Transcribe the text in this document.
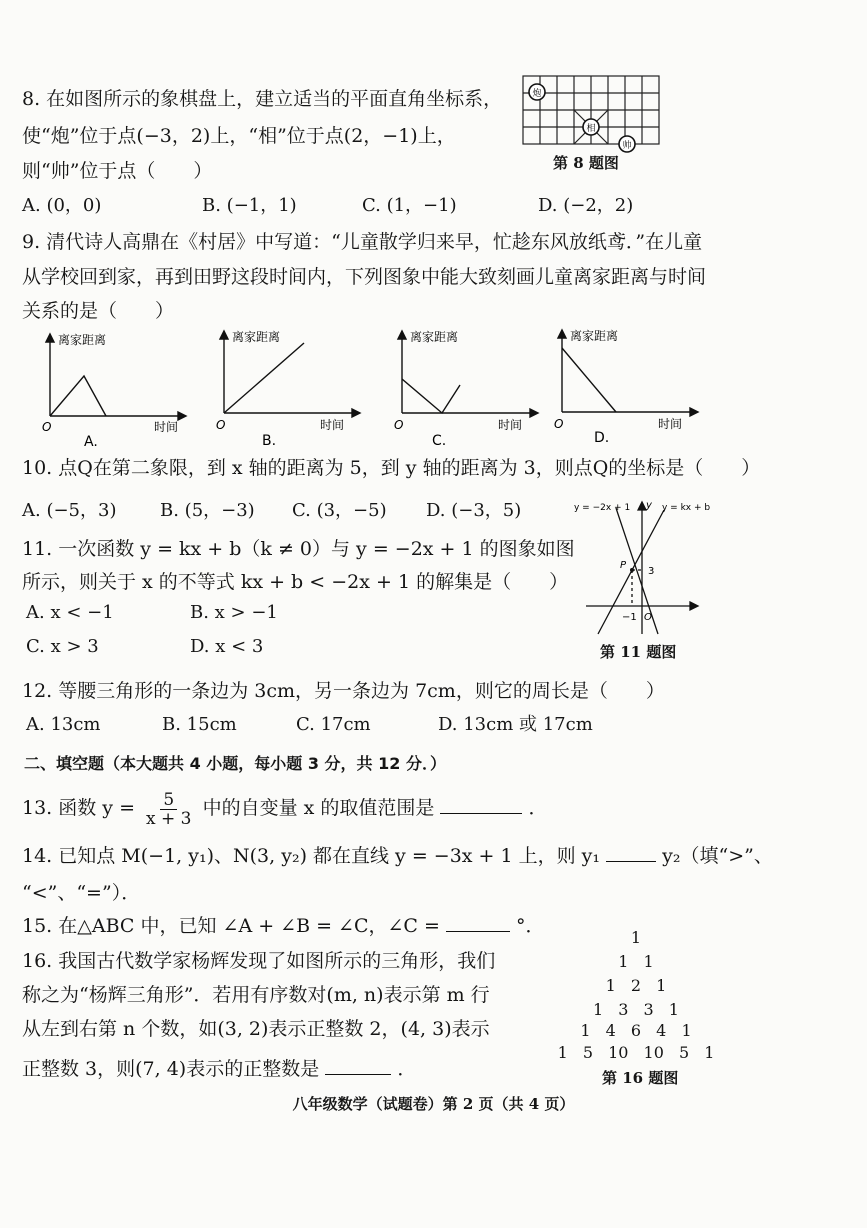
8. 在如图所示的象棋盘上，建立适当的平面直角坐标系，
使“炮”位于点(−3，2)上，“相”位于点(2，−1)上，
则“帅”位于点（　　）
A. (0，0)	B. (−1，1)	C. (1，−1)	D. (−2，2)
炮
相
帅
第 8 题图
9. 清代诗人高鼎在《村居》中写道：“儿童散学归来早，忙趁东风放纸鸢．”在儿童
从学校回到家，再到田野这段时间内，下列图象中能大致刻画儿童离家距离与时间
关系的是（　　）
离家距离
时间
O
A.
离家距离
时间
O
B.
离家距离
时间
O
C.
离家距离
时间
O
D.
10. 点Q在第二象限，到 x 轴的距离为 5，到 y 轴的距离为 3，则点Q的坐标是（　　）
A. (−5，3) B. (5，−3) C. (3，−5) D. (−3，5)
11. 一次函数 y = kx + b（k ≠ 0）与 y = −2x + 1 的图象如图
所示，则关于 x 的不等式 kx + b < −2x + 1 的解集是（　　）
A. x < −1	B. x > −1
C. x > 3	D. x < 3
y = −2x + 1	y = kx + b
y
P
3
−1 O
第 11 题图
12. 等腰三角形的一条边为 3cm，另一条边为 7cm，则它的周长是（　　）
A. 13cm	B. 15cm	C. 17cm	D. 13cm 或 17cm
二、填空题（本大题共 4 小题，每小题 3 分，共 12 分．）
13. 函数 $y = \frac{5}{x + 3}$ 中的自变量 x 的取值范围是	．
14. 已知点 M(−1, y₁)、N(3, y₂) 都在直线 y = −3x + 1 上，则 y₁	y₂（填“>”、
“<”、“=”）．
15. 在△ABC 中，已知 ∠A + ∠B = ∠C，∠C =	°．
16. 我国古代数学家杨辉发现了如图所示的三角形，我们
称之为“杨辉三角形”．若用有序数对(m, n)表示第 m 行
从左到右第 n 个数，如(3, 2)表示正整数 2，(4, 3)表示
正整数 3，则(7, 4)表示的正整数是	．
1
1 1
1 2 1
1 3 3 1
1 4 6 4 1
1 5 10 10 5 1
第 16 题图
八年级数学（试题卷）第 2 页（共 4 页）
